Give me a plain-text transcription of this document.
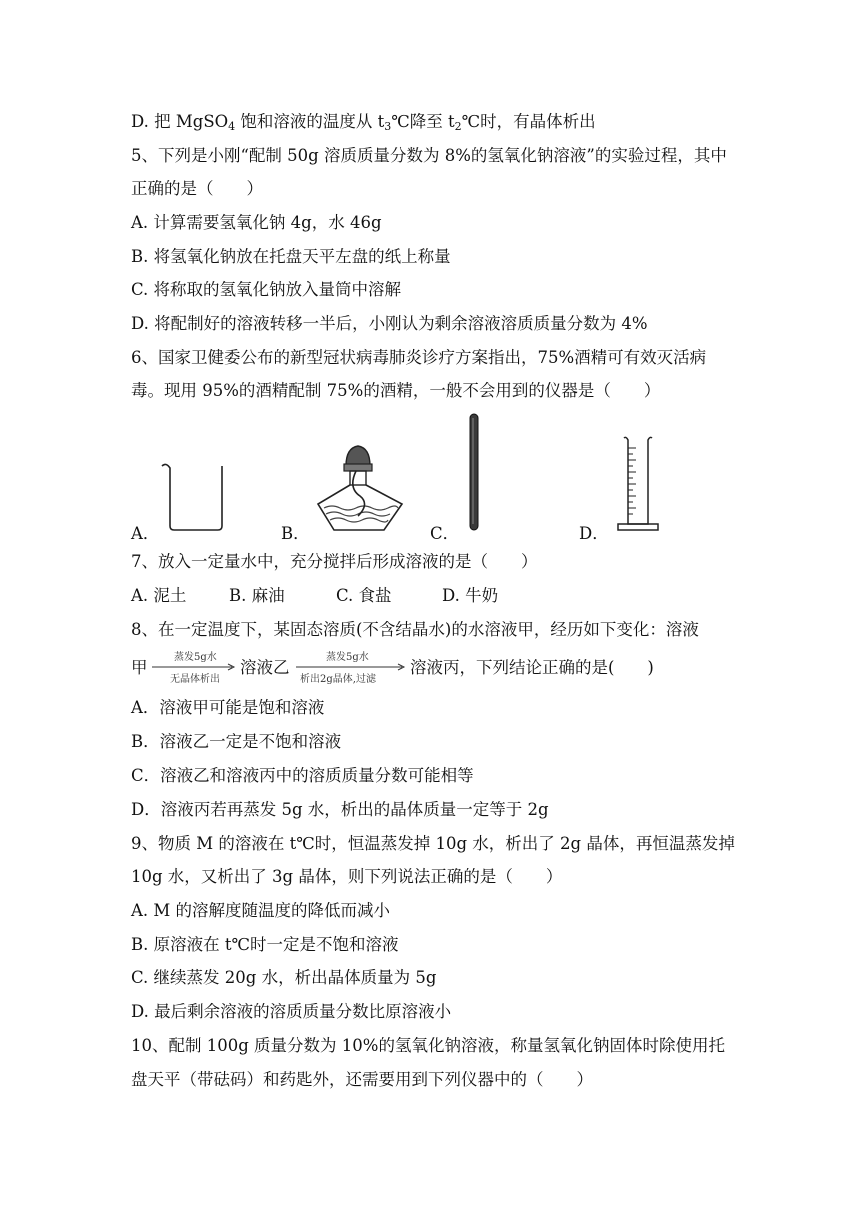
D. 把 MgSO$_4$ 饱和溶液的温度从 $t_3℃$降至 $t_2℃$时，有晶体析出
5、下列是小刚“配制 50g 溶质质量分数为 8%的氢氧化钠溶液”的实验过程，其中
正确的是（　　）
A. 计算需要氢氧化钠 4g，水 46g
B. 将氢氧化钠放在托盘天平左盘的纸上称量
C. 将称取的氢氧化钠放入量筒中溶解
D. 将配制好的溶液转移一半后，小刚认为剩余溶液溶质质量分数为 4%
6、国家卫健委公布的新型冠状病毒肺炎诊疗方案指出，75%酒精可有效灭活病
毒。现用 95%的酒精配制 75%的酒精，一般不会用到的仪器是（　　）
A．	B．	C．	D．
7、放入一定量水中，充分搅拌后形成溶液的是（　　）
A. 泥土	B. 麻油	C. 食盐	D. 牛奶
8、在一定温度下，某固态溶质(不含结晶水)的水溶液甲，经历如下变化：溶液
甲
蒸发5g水
无晶体析出
溶液乙
蒸发5g水
析出2g晶体,过滤
溶液丙，下列结论正确的是(　　)
A．溶液甲可能是饱和溶液
B．溶液乙一定是不饱和溶液
C．溶液乙和溶液丙中的溶质质量分数可能相等
D．溶液丙若再蒸发 5g 水，析出的晶体质量一定等于 2g
9、物质 M 的溶液在 t℃时，恒温蒸发掉 10g 水，析出了 2g 晶体，再恒温蒸发掉
10g 水，又析出了 3g 晶体，则下列说法正确的是（　　）
A. M 的溶解度随温度的降低而减小
B. 原溶液在 t℃时一定是不饱和溶液
C. 继续蒸发 20g 水，析出晶体质量为 5g
D. 最后剩余溶液的溶质质量分数比原溶液小
10、配制 100g 质量分数为 10%的氢氧化钠溶液，称量氢氧化钠固体时除使用托
盘天平（带砝码）和药匙外，还需要用到下列仪器中的（　　）
